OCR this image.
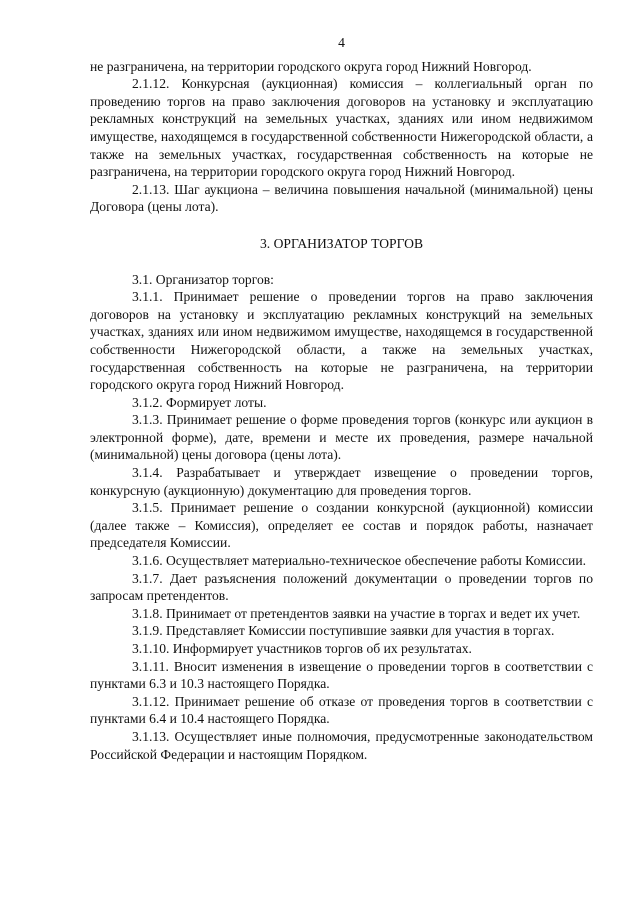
4

не разграничена, на территории городского округа город Нижний Новгород.

2.1.12. Конкурсная (аукционная) комиссия – коллегиальный орган по проведению торгов на право заключения договоров на установку и эксплуатацию рекламных конструкций на земельных участках, зданиях или ином недвижимом имуществе, находящемся в государственной собственности Нижегородской области, а также на земельных участках, государственная собственность на которые не разграничена, на территории городского округа город Нижний Новгород.

2.1.13. Шаг аукциона – величина повышения начальной (минимальной) цены Договора (цены лота).

3. ОРГАНИЗАТОР ТОРГОВ

3.1. Организатор торгов:

3.1.1. Принимает решение о проведении торгов на право заключения договоров на установку и эксплуатацию рекламных конструкций на земельных участках, зданиях или ином недвижимом имуществе, находящемся в государственной собственности Нижегородской области, а также на земельных участках, государственная собственность на которые не разграничена, на территории городского округа город Нижний Новгород.

3.1.2. Формирует лоты.

3.1.3. Принимает решение о форме проведения торгов (конкурс или аукцион в электронной форме), дате, времени и месте их проведения, размере начальной (минимальной) цены договора (цены лота).

3.1.4. Разрабатывает и утверждает извещение о проведении торгов, конкурсную (аукционную) документацию для проведения торгов.

3.1.5. Принимает решение о создании конкурсной (аукционной) комиссии (далее также – Комиссия), определяет ее состав и порядок работы, назначает председателя Комиссии.

3.1.6. Осуществляет материально-техническое обеспечение работы Комиссии.

3.1.7. Дает разъяснения положений документации о проведении торгов по запросам претендентов.

3.1.8. Принимает от претендентов заявки на участие в торгах и ведет их учет.

3.1.9. Представляет Комиссии поступившие заявки для участия в торгах.

3.1.10. Информирует участников торгов об их результатах.

3.1.11. Вносит изменения в извещение о проведении торгов в соответствии с пунктами 6.3 и 10.3 настоящего Порядка.

3.1.12. Принимает решение об отказе от проведения торгов в соответствии с пунктами 6.4 и 10.4 настоящего Порядка.

3.1.13. Осуществляет иные полномочия, предусмотренные законодательством Российской Федерации и настоящим Порядком.
